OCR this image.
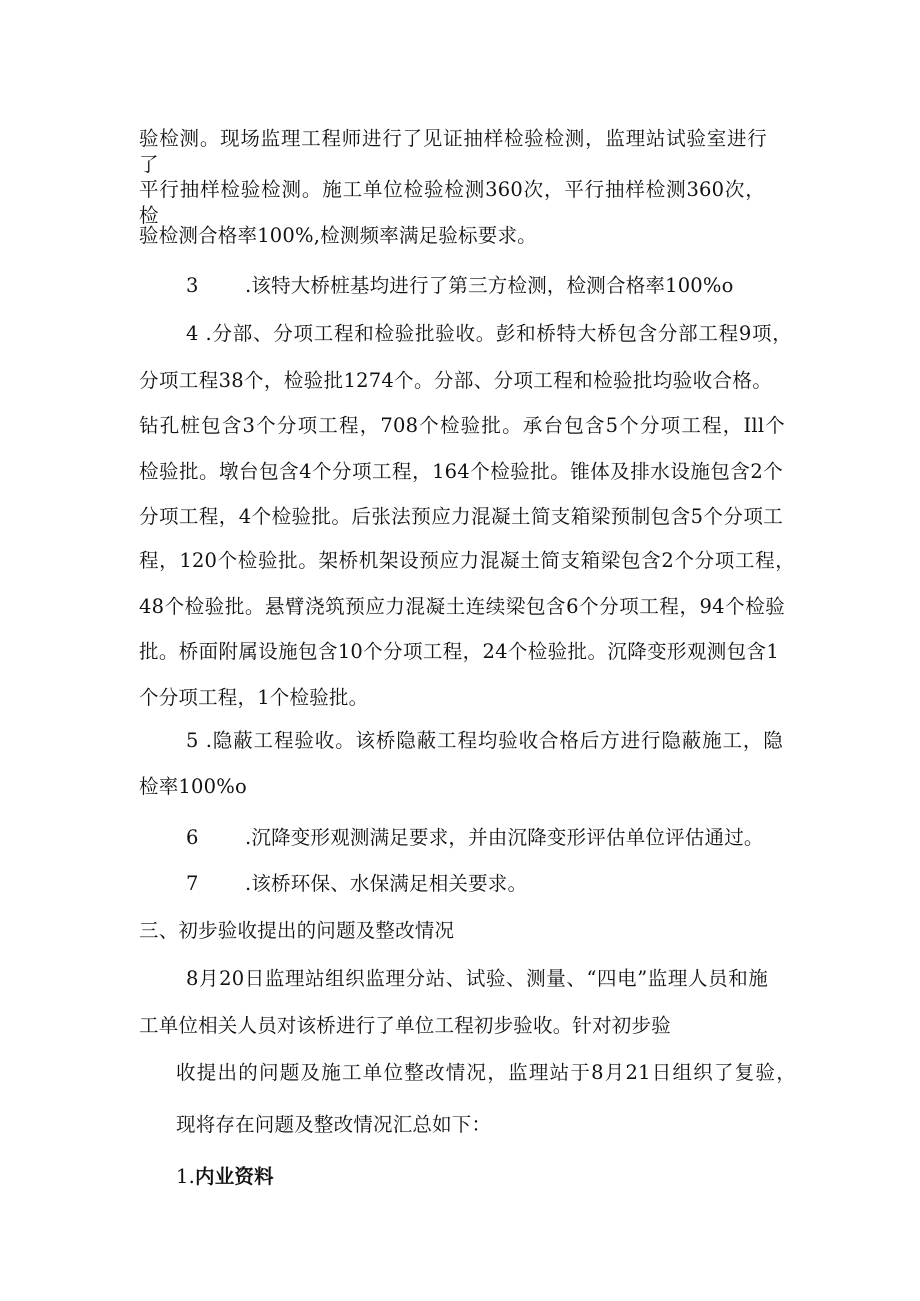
验检测。现场监理工程师进行了见证抽样检验检测，监理站试验室进行了

平行抽样检验检测。施工单位检验检测360次，平行抽样检测360次，检

验检测合格率100%,检测频率满足验标要求。

3 .该特大桥桩基均进行了第三方检测，检测合格率100%o

4 .分部、分项工程和检验批验收。彭和桥特大桥包含分部工程9项，

分项工程38个，检验批1274个。分部、分项工程和检验批均验收合格。

钻孔桩包含3个分项工程，708个检验批。承台包含5个分项工程，Ill个

检验批。墩台包含4个分项工程，164个检验批。锥体及排水设施包含2个

分项工程，4个检验批。后张法预应力混凝土简支箱梁预制包含5个分项工

程，120个检验批。架桥机架设预应力混凝土简支箱梁包含2个分项工程，

48个检验批。悬臂浇筑预应力混凝土连续梁包含6个分项工程，94个检验

批。桥面附属设施包含10个分项工程，24个检验批。沉降变形观测包含1

个分项工程，1个检验批。

5 .隐蔽工程验收。该桥隐蔽工程均验收合格后方进行隐蔽施工，隐

检率100%o

6 .沉降变形观测满足要求，并由沉降变形评估单位评估通过。

7 .该桥环保、水保满足相关要求。

三、初步验收提出的问题及整改情况

8月20日监理站组织监理分站、试验、测量、“四电”监理人员和施

工单位相关人员对该桥进行了单位工程初步验收。针对初步验

收提出的问题及施工单位整改情况，监理站于8月21日组织了复验，

现将存在问题及整改情况汇总如下：

1.内业资料
